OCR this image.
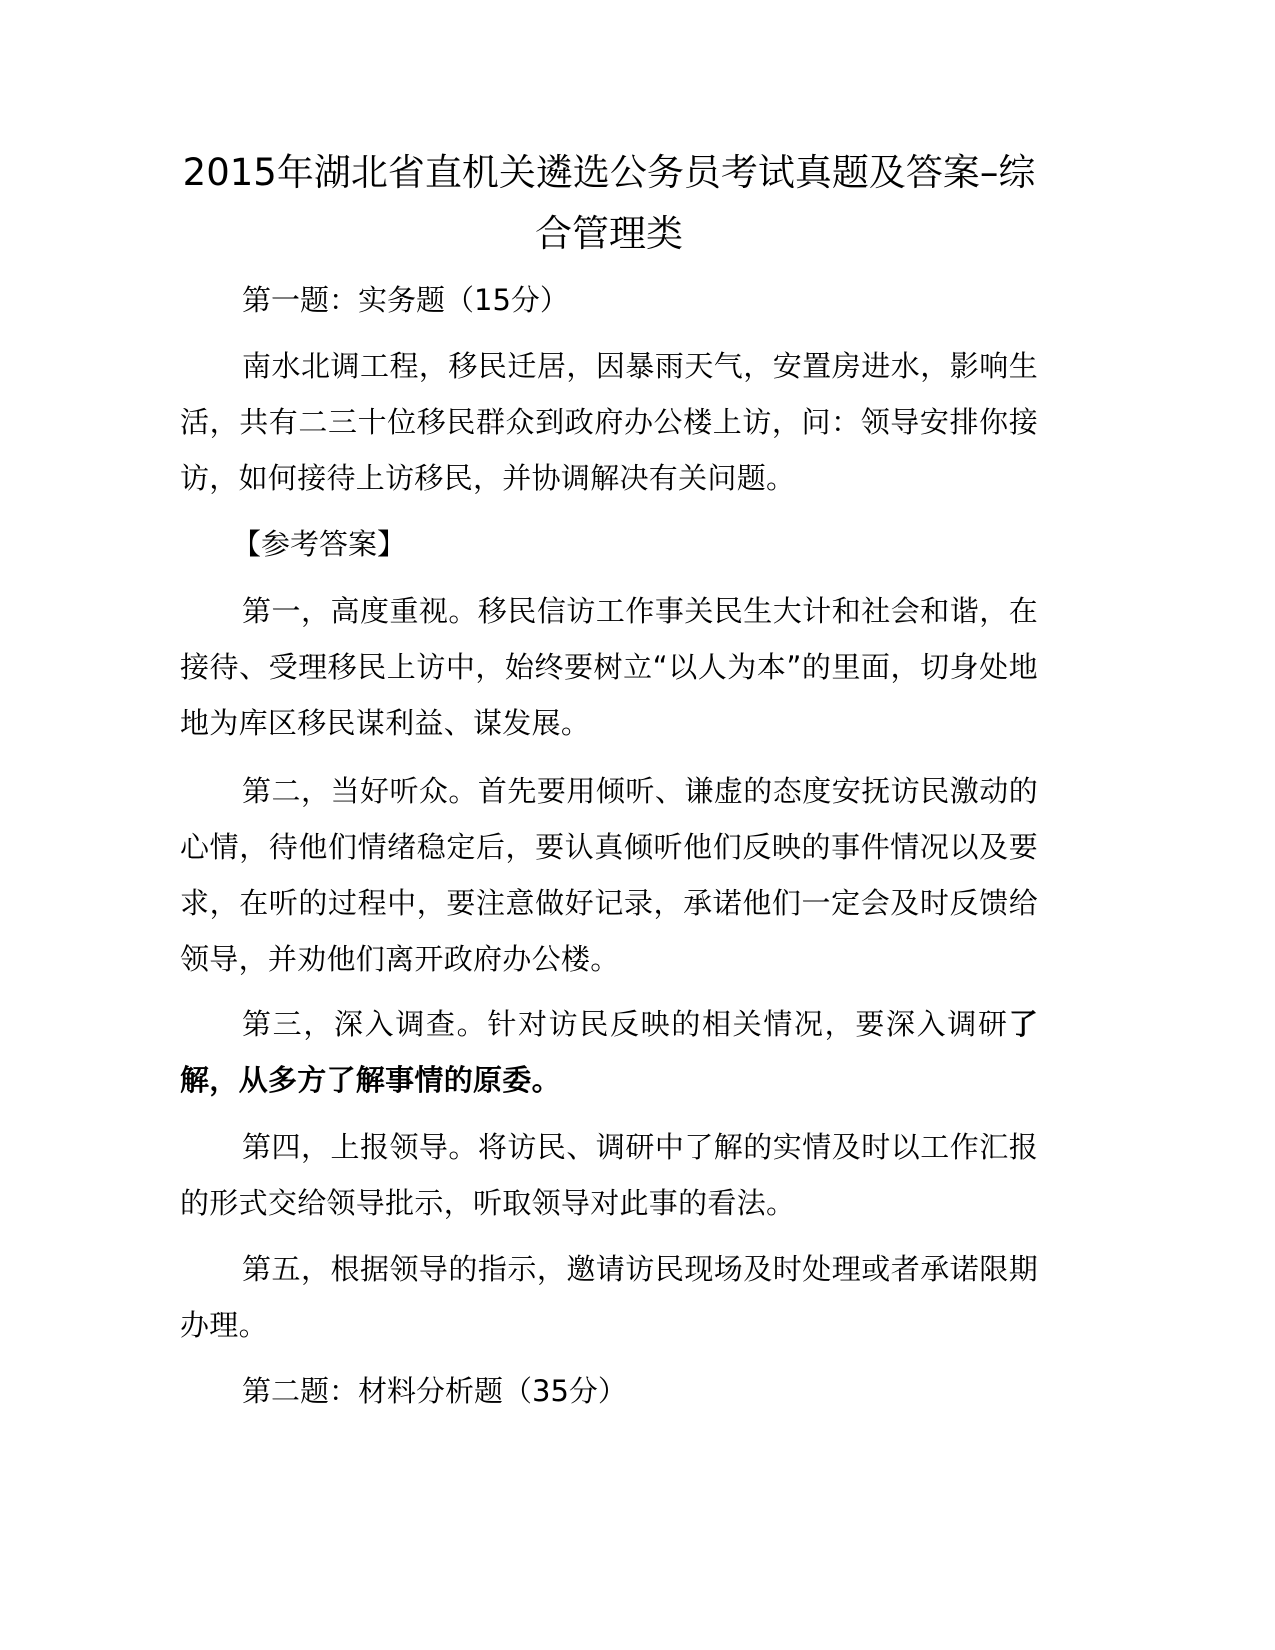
2015年湖北省直机关遴选公务员考试真题及答案–综合管理类

第一题：实务题（15分）

南水北调工程，移民迁居，因暴雨天气，安置房进水，影响生活，共有二三十位移民群众到政府办公楼上访，问：领导安排你接访，如何接待上访移民，并协调解决有关问题。

【参考答案】

第一，高度重视。移民信访工作事关民生大计和社会和谐，在接待、受理移民上访中，始终要树立“以人为本”的里面，切身处地地为库区移民谋利益、谋发展。

第二，当好听众。首先要用倾听、谦虚的态度安抚访民激动的心情，待他们情绪稳定后，要认真倾听他们反映的事件情况以及要求，在听的过程中，要注意做好记录，承诺他们一定会及时反馈给领导，并劝他们离开政府办公楼。

第三，深入调查。针对访民反映的相关情况，要深入调研了解，从多方了解事情的原委。

第四，上报领导。将访民、调研中了解的实情及时以工作汇报的形式交给领导批示，听取领导对此事的看法。

第五，根据领导的指示，邀请访民现场及时处理或者承诺限期办理。

第二题：材料分析题（35分）
